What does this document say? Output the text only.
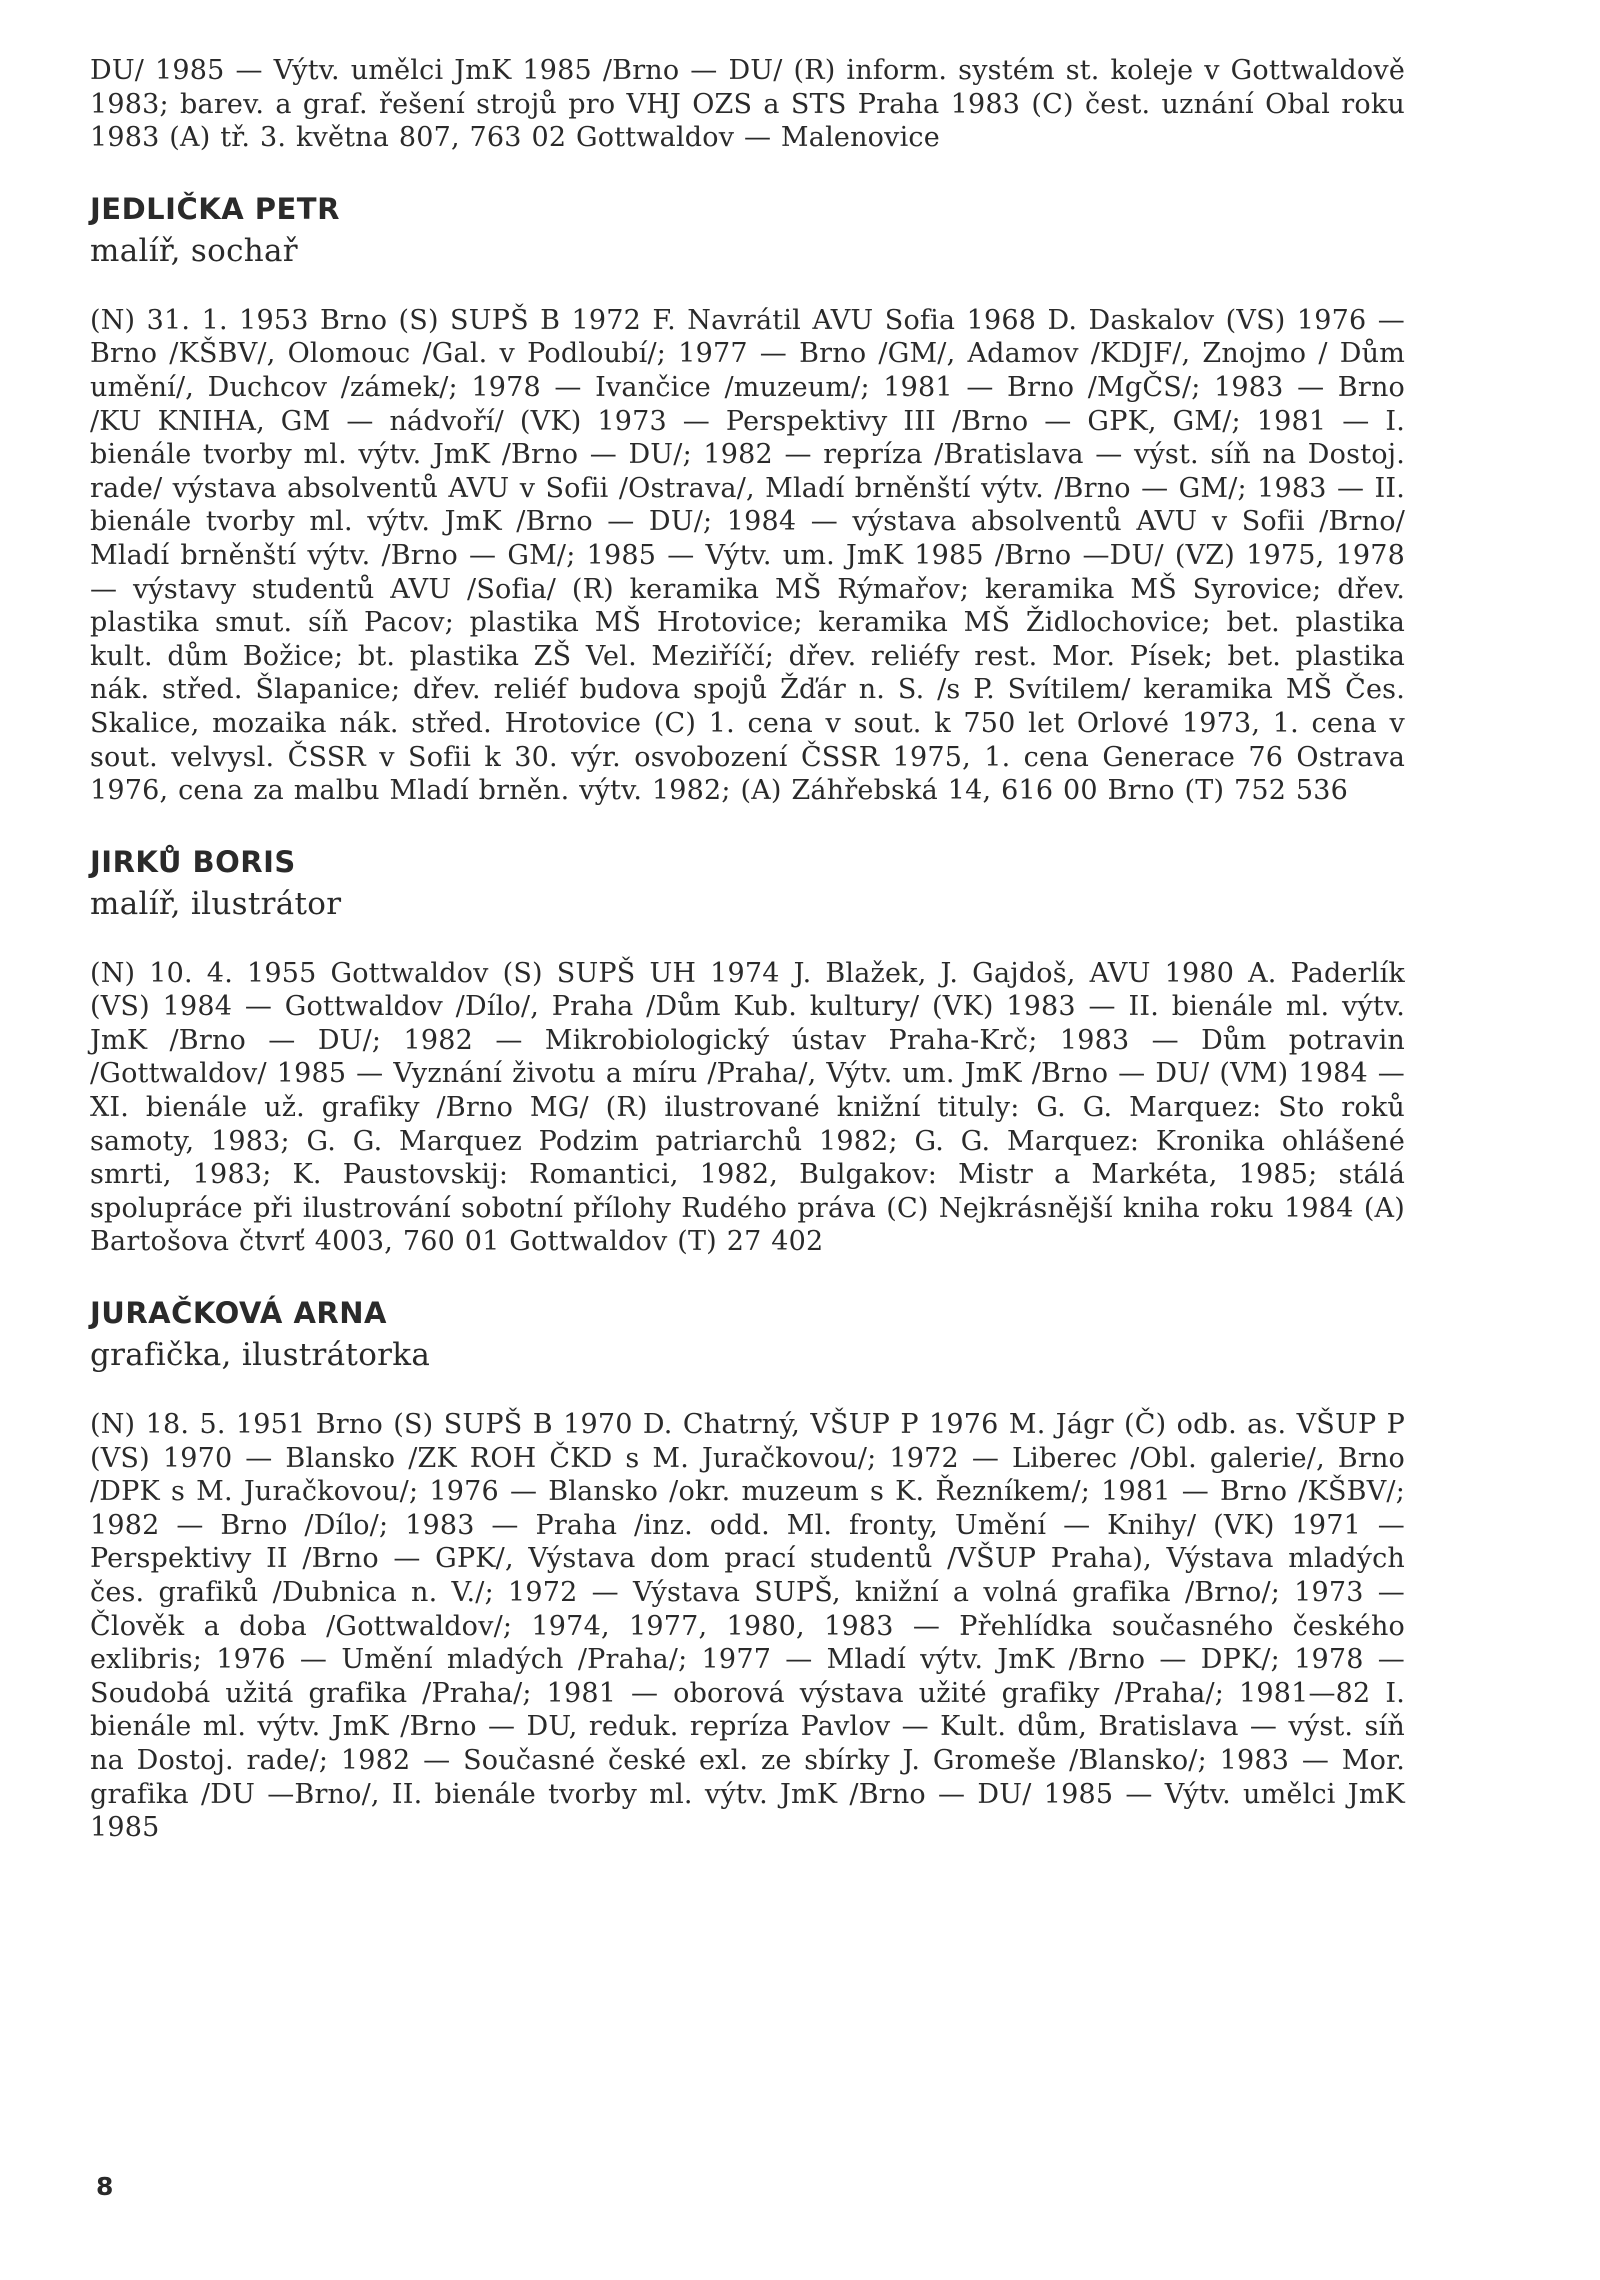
DU/ 1985 — Výtv. umělci JmK 1985 /Brno — DU/ (R) inform. systém st. koleje v Gottwaldově 1983; barev. a graf. řešení strojů pro VHJ OZS a STS Praha 1983 (C) čest. uznání Obal roku 1983 (A) tř. 3. května 807, 763 02 Gottwaldov — Malenovice

JEDLIČKA PETR

malíř, sochař

(N) 31. 1. 1953 Brno (S) SUPŠ B 1972 F. Navrátil AVU Sofia 1968 D. Daskalov (VS) 1976 — Brno /KŠBV/, Olomouc /Gal. v Podloubí/; 1977 — Brno /GM/, Adamov /KDJF/, Znojmo / Dům umění/, Duchcov /zámek/; 1978 — Ivančice /muzeum/; 1981 — Brno /MgČS/; 1983 — Brno /KU KNIHA, GM — nádvoří/ (VK) 1973 — Perspektivy III /Brno — GPK, GM/; 1981 — I. bienále tvorby ml. výtv. JmK /Brno — DU/; 1982 — repríza /Bratislava — výst. síň na Dostoj. rade/ výstava absolventů AVU v Sofii /Ostrava/, Mladí brněnští výtv. /Brno — GM/; 1983 — II. bienále tvorby ml. výtv. JmK /Brno — DU/; 1984 — výstava absolventů AVU v Sofii /Brno/ Mladí brněnští výtv. /Brno — GM/; 1985 — Výtv. um. JmK 1985 /Brno —DU/ (VZ) 1975, 1978 — výstavy studentů AVU /Sofia/ (R) keramika MŠ Rýmařov; keramika MŠ Syrovice; dřev. plastika smut. síň Pacov; plastika MŠ Hrotovice; keramika MŠ Židlochovice; bet. plastika kult. dům Božice; bt. plastika ZŠ Vel. Meziříčí; dřev. reliéfy rest. Mor. Písek; bet. plastika nák. střed. Šlapanice; dřev. reliéf budova spojů Žďár n. S. /s P. Svítilem/ keramika MŠ Čes. Skalice, mozaika nák. střed. Hrotovice (C) 1. cena v sout. k 750 let Orlové 1973, 1. cena v sout. velvysl. ČSSR v Sofii k 30. výr. osvobození ČSSR 1975, 1. cena Generace 76 Ostrava 1976, cena za malbu Mladí brněn. výtv. 1982; (A) Záhřebská 14, 616 00 Brno (T) 752 536

JIRKŮ BORIS

malíř, ilustrátor

(N) 10. 4. 1955 Gottwaldov (S) SUPŠ UH 1974 J. Blažek, J. Gajdoš, AVU 1980 A. Paderlík (VS) 1984 — Gottwaldov /Dílo/, Praha /Dům Kub. kultury/ (VK) 1983 — II. bienále ml. výtv. JmK /Brno — DU/; 1982 — Mikrobiologický ústav Praha-Krč; 1983 — Dům potravin /Gottwaldov/ 1985 — Vyznání životu a míru /Praha/, Výtv. um. JmK /Brno — DU/ (VM) 1984 — XI. bienále už. grafiky /Brno MG/ (R) ilustrované knižní tituly: G. G. Marquez: Sto roků samoty, 1983; G. G. Marquez Podzim patriarchů 1982; G. G. Marquez: Kronika ohlášené smrti, 1983; K. Paustovskij: Romantici, 1982, Bulgakov: Mistr a Markéta, 1985; stálá spolupráce při ilustrování sobotní přílohy Rudého práva (C) Nejkrásnější kniha roku 1984 (A) Bartošova čtvrť 4003, 760 01 Gottwaldov (T) 27 402

JURAČKOVÁ ARNA

grafička, ilustrátorka

(N) 18. 5. 1951 Brno (S) SUPŠ B 1970 D. Chatrný, VŠUP P 1976 M. Jágr (Č) odb. as. VŠUP P (VS) 1970 — Blansko /ZK ROH ČKD s M. Juračkovou/; 1972 — Liberec /Obl. galerie/, Brno /DPK s M. Juračkovou/; 1976 — Blansko /okr. muzeum s K. Řezníkem/; 1981 — Brno /KŠBV/; 1982 — Brno /Dílo/; 1983 — Praha /inz. odd. Ml. fronty, Umění — Knihy/ (VK) 1971 — Perspektivy II /Brno — GPK/, Výstava dom prací studentů /VŠUP Praha), Výstava mladých čes. grafiků /Dubnica n. V./; 1972 — Výstava SUPŠ, knižní a volná grafika /Brno/; 1973 — Člověk a doba /Gottwaldov/; 1974, 1977, 1980, 1983 — Přehlídka současného českého exlibris; 1976 — Umění mladých /Praha/; 1977 — Mladí výtv. JmK /Brno — DPK/; 1978 — Soudobá užitá grafika /Praha/; 1981 — oborová výstava užité grafiky /Praha/; 1981—82 I. bienále ml. výtv. JmK /Brno — DU, reduk. repríza Pavlov — Kult. dům, Bratislava — výst. síň na Dostoj. rade/; 1982 — Současné české exl. ze sbírky J. Gromeše /Blansko/; 1983 — Mor. grafika /DU —Brno/, II. bienále tvorby ml. výtv. JmK /Brno — DU/ 1985 — Výtv. umělci JmK 1985

8
